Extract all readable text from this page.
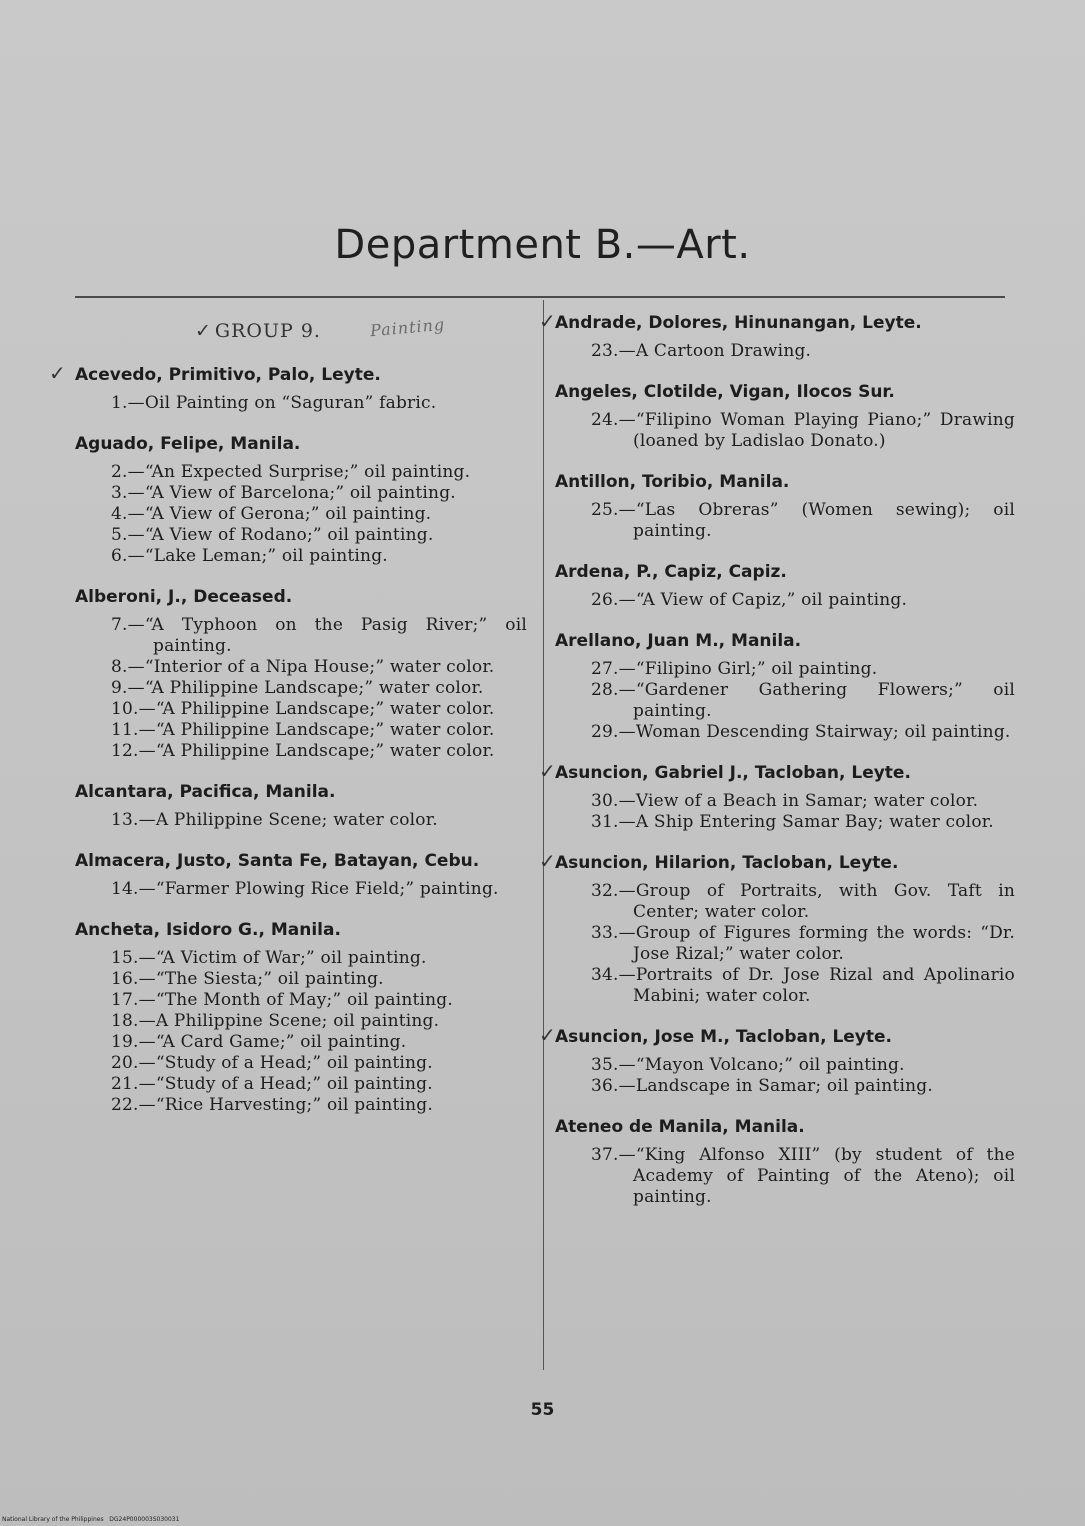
Department B.—Art.
✓ GROUP 9.	Painting
✓ Acevedo, Primitivo, Palo, Leyte.
1.—Oil Painting on “Saguran” fabric.
Aguado, Felipe, Manila.
2.—“An Expected Surprise;” oil painting.
3.—“A View of Barcelona;” oil painting.
4.—“A View of Gerona;” oil painting.
5.—“A View of Rodano;” oil painting.
6.—“Lake Leman;” oil painting.
Alberoni, J., Deceased.
7.—“A Typhoon on the Pasig River;” oil painting.
8.—“Interior of a Nipa House;” water color.
9.—“A Philippine Landscape;” water color.
10.—“A Philippine Landscape;” water color.
11.—“A Philippine Landscape;” water color.
12.—“A Philippine Landscape;” water color.
Alcantara, Pacifica, Manila.
13.—A Philippine Scene; water color.
Almacera, Justo, Santa Fe, Batayan, Cebu.
14.—“Farmer Plowing Rice Field;” painting.
Ancheta, Isidoro G., Manila.
15.—“A Victim of War;” oil painting.
16.—“The Siesta;” oil painting.
17.—“The Month of May;” oil painting.
18.—A Philippine Scene; oil painting.
19.—“A Card Game;” oil painting.
20.—“Study of a Head;” oil painting.
21.—“Study of a Head;” oil painting.
22.—“Rice Harvesting;” oil painting.
✓ Andrade, Dolores, Hinunangan, Leyte.
23.—A Cartoon Drawing.
Angeles, Clotilde, Vigan, Ilocos Sur.
24.—“Filipino Woman Playing Piano;” Drawing (loaned by Ladislao Donato.)
Antillon, Toribio, Manila.
25.—“Las Obreras” (Women sewing); oil painting.
Ardena, P., Capiz, Capiz.
26.—“A View of Capiz,” oil painting.
Arellano, Juan M., Manila.
27.—“Filipino Girl;” oil painting.
28.—“Gardener Gathering Flowers;” oil painting.
29.—Woman Descending Stairway; oil painting.
✓ Asuncion, Gabriel J., Tacloban, Leyte.
30.—View of a Beach in Samar; water color.
31.—A Ship Entering Samar Bay; water color.
✓ Asuncion, Hilarion, Tacloban, Leyte.
32.—Group of Portraits, with Gov. Taft in Center; water color.
33.—Group of Figures forming the words: “Dr. Jose Rizal;” water color.
34.—Portraits of Dr. Jose Rizal and Apolinario Mabini; water color.
✓ Asuncion, Jose M., Tacloban, Leyte.
35.—“Mayon Volcano;” oil painting.
36.—Landscape in Samar; oil painting.
Ateneo de Manila, Manila.
37.—“King Alfonso XIII” (by student of the Academy of Painting of the Ateno); oil painting.
55
National Library of the Philippines   DG24P000003S030031
